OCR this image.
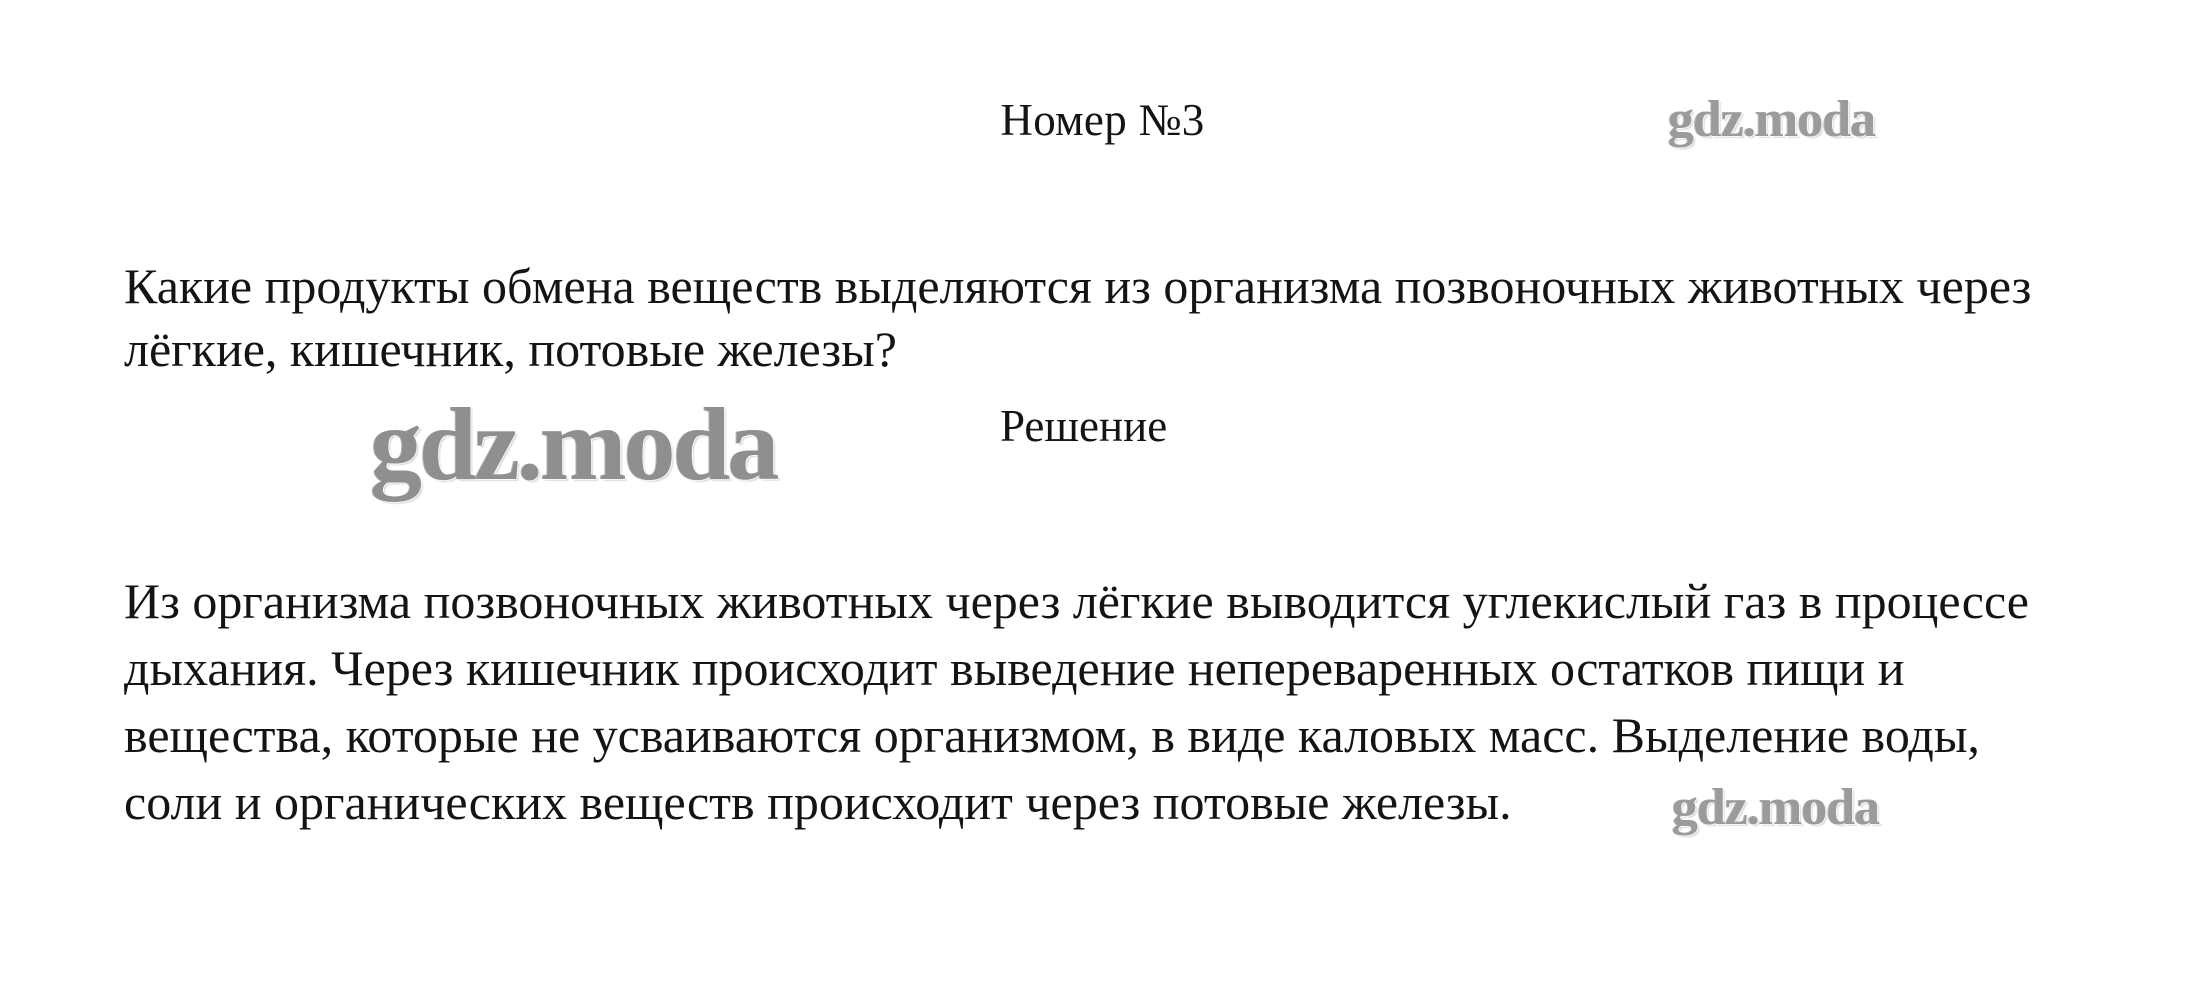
Номер №3	gdz.moda

Какие продукты обмена веществ выделяются из организма позвоночных животных через лёгкие, кишечник, потовые железы?

gdz.moda	Решение

Из организма позвоночных животных через лёгкие выводится углекислый газ в процессе дыхания. Через кишечник происходит выведение непереваренных остатков пищи и вещества, которые не усваиваются организмом, в виде каловых масс. Выделение воды, соли и органических веществ происходит через потовые железы.	gdz.moda
